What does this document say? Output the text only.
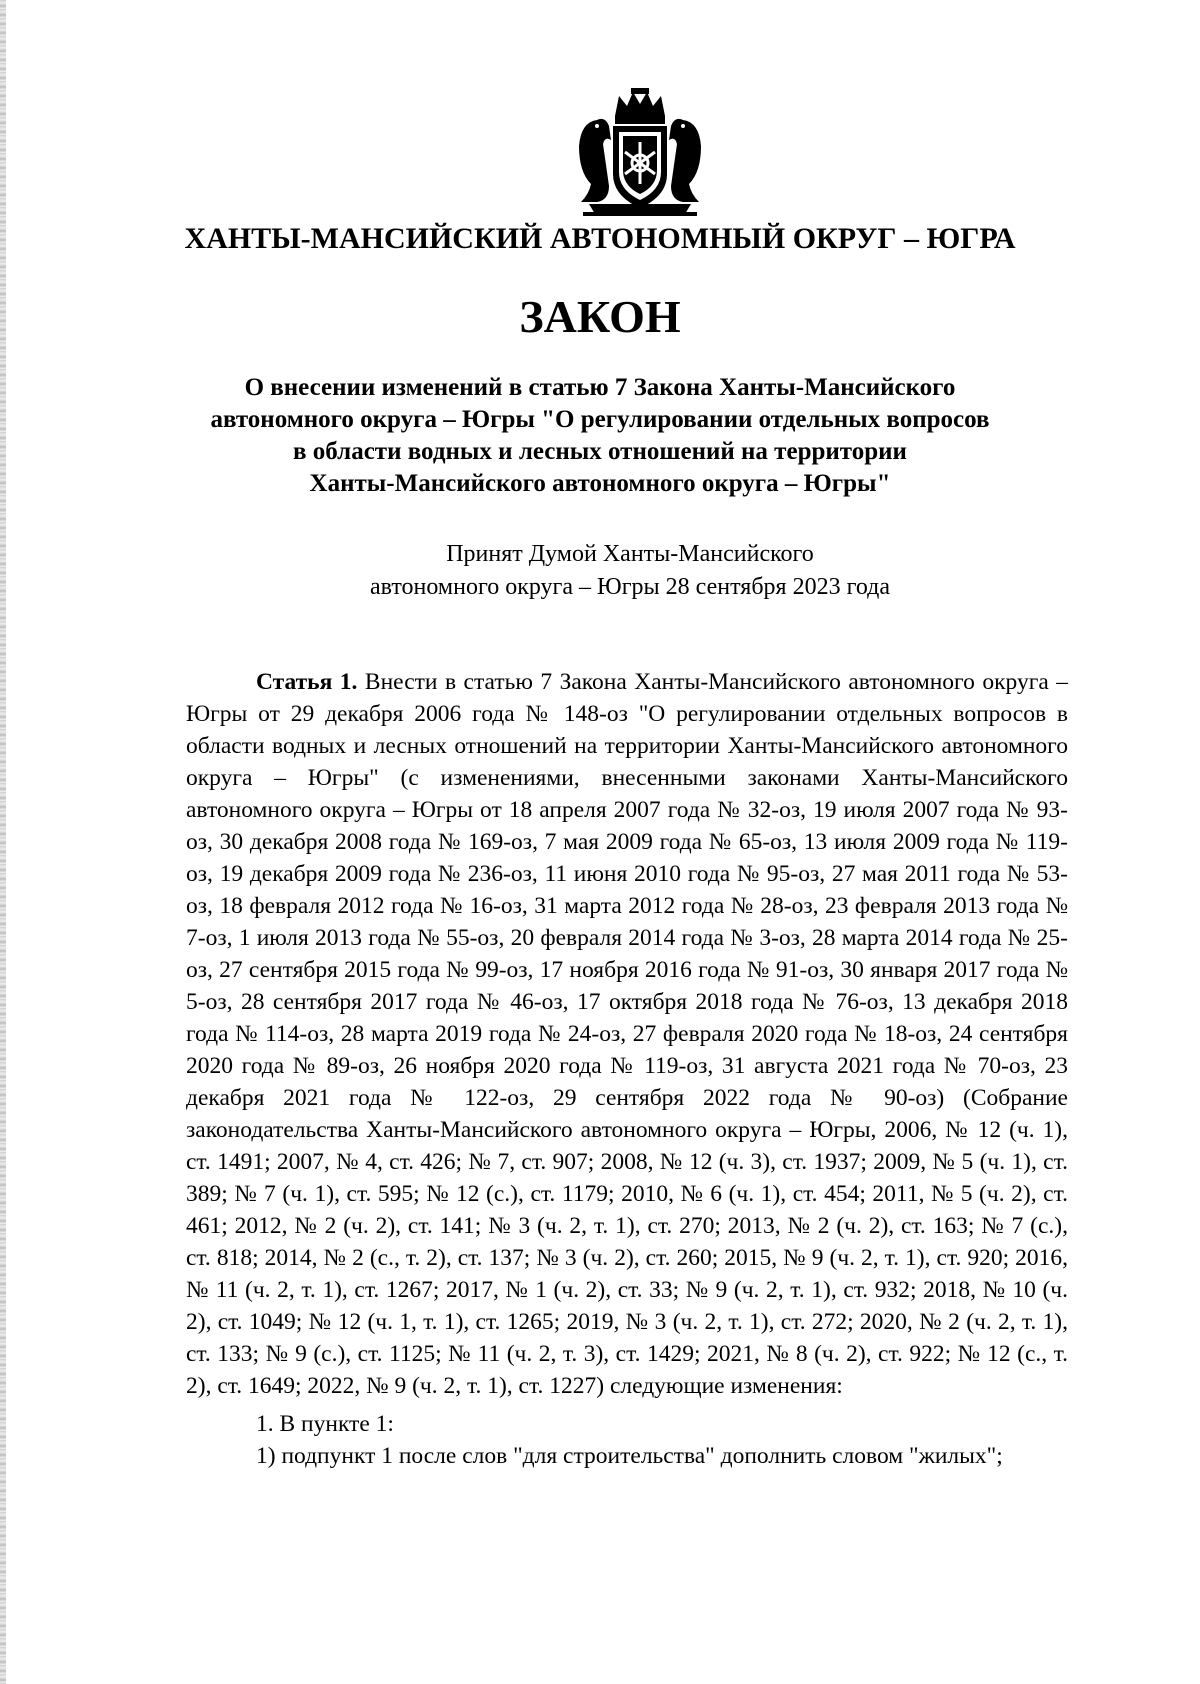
ХАНТЫ-МАНСИЙСКИЙ АВТОНОМНЫЙ ОКРУГ – ЮГРА
ЗАКОН
О внесении изменений в статью 7 Закона Ханты-Мансийского
автономного округа – Югры "О регулировании отдельных вопросов
в области водных и лесных отношений на территории
Ханты-Мансийского автономного округа – Югры"
Принят Думой Ханты-Мансийского
автономного округа – Югры 28 сентября 2023 года

Статья 1. Внести в статью 7 Закона Ханты-Мансийского автономного округа – Югры от 29 декабря 2006 года № 148-оз "О регулировании отдельных вопросов в области водных и лесных отношений на территории Ханты-Мансийского автономного округа – Югры" (с изменениями, внесенными законами Ханты-Мансийского автономного округа – Югры от 18 апреля 2007 года № 32-оз, 19 июля 2007 года № 93-оз, 30 декабря 2008 года № 169-оз, 7 мая 2009 года № 65-оз, 13 июля 2009 года № 119-оз, 19 декабря 2009 года № 236-оз, 11 июня 2010 года № 95-оз, 27 мая 2011 года № 53-оз, 18 февраля 2012 года № 16-оз, 31 марта 2012 года № 28-оз, 23 февраля 2013 года № 7-оз, 1 июля 2013 года № 55-оз, 20 февраля 2014 года № 3-оз, 28 марта 2014 года № 25-оз, 27 сентября 2015 года № 99-оз, 17 ноября 2016 года № 91-оз, 30 января 2017 года № 5-оз, 28 сентября 2017 года № 46-оз, 17 октября 2018 года № 76-оз, 13 декабря 2018 года № 114-оз, 28 марта 2019 года № 24-оз, 27 февраля 2020 года № 18-оз, 24 сентября 2020 года № 89-оз, 26 ноября 2020 года № 119-оз, 31 августа 2021 года № 70-оз, 23 декабря 2021 года № 122-оз, 29 сентября 2022 года № 90-оз) (Собрание законодательства Ханты-Мансийского автономного округа – Югры, 2006, № 12 (ч. 1), ст. 1491; 2007, № 4, ст. 426; № 7, ст. 907; 2008, № 12 (ч. 3), ст. 1937; 2009, № 5 (ч. 1), ст. 389; № 7 (ч. 1), ст. 595; № 12 (с.), ст. 1179; 2010, № 6 (ч. 1), ст. 454; 2011, № 5 (ч. 2), ст. 461; 2012, № 2 (ч. 2), ст. 141; № 3 (ч. 2, т. 1), ст. 270; 2013, № 2 (ч. 2), ст. 163; № 7 (с.), ст. 818; 2014, № 2 (с., т. 2), ст. 137; № 3 (ч. 2), ст. 260; 2015, № 9 (ч. 2, т. 1), ст. 920; 2016, № 11 (ч. 2, т. 1), ст. 1267; 2017, № 1 (ч. 2), ст. 33; № 9 (ч. 2, т. 1), ст. 932; 2018, № 10 (ч. 2), ст. 1049; № 12 (ч. 1, т. 1), ст. 1265; 2019, № 3 (ч. 2, т. 1), ст. 272; 2020, № 2 (ч. 2, т. 1), ст. 133; № 9 (с.), ст. 1125; № 11 (ч. 2, т. 3), ст. 1429; 2021, № 8 (ч. 2), ст. 922; № 12 (с., т. 2), ст. 1649; 2022, № 9 (ч. 2, т. 1), ст. 1227) следующие изменения:

1. В пункте 1:
1) подпункт 1 после слов "для строительства" дополнить словом "жилых";
